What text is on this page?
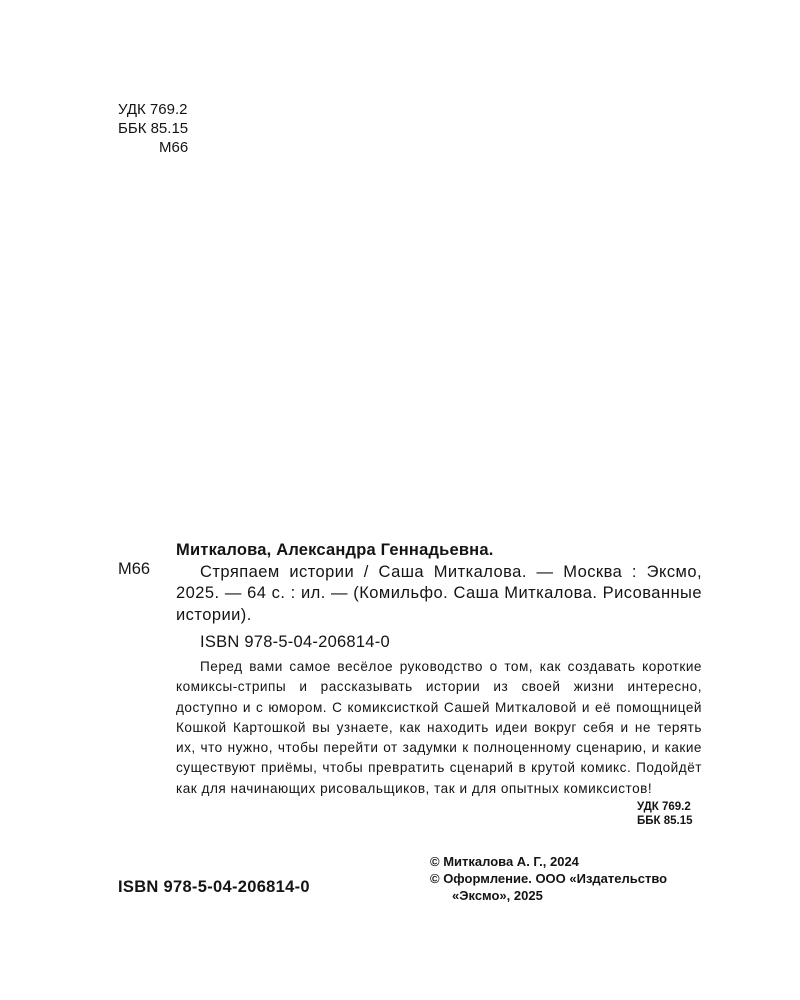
УДК 769.2
ББК 85.15
М66
М66
Миткалова, Александра Геннадьевна.
Стряпаем истории / Саша Миткалова. — Москва : Эксмо, 2025. — 64 с. : ил. — (Комильфо. Саша Миткалова. Рисованные истории).
ISBN 978-5-04-206814-0
Перед вами самое весёлое руководство о том, как создавать короткие комиксы-стрипы и рассказывать истории из своей жизни интересно, доступно и с юмором. С комиксисткой Сашей Миткаловой и её помощницей Кошкой Картошкой вы узнаете, как находить идеи вокруг себя и не терять их, что нужно, чтобы перейти от задумки к полноценному сценарию, и какие существуют приёмы, чтобы превратить сценарий в крутой комикс. Подойдёт как для начинающих рисовальщиков, так и для опытных комиксистов!
УДК 769.2
ББК 85.15
© Миткалова А. Г., 2024
© Оформление. ООО «Издательство
«Эксмо», 2025
ISBN 978-5-04-206814-0
